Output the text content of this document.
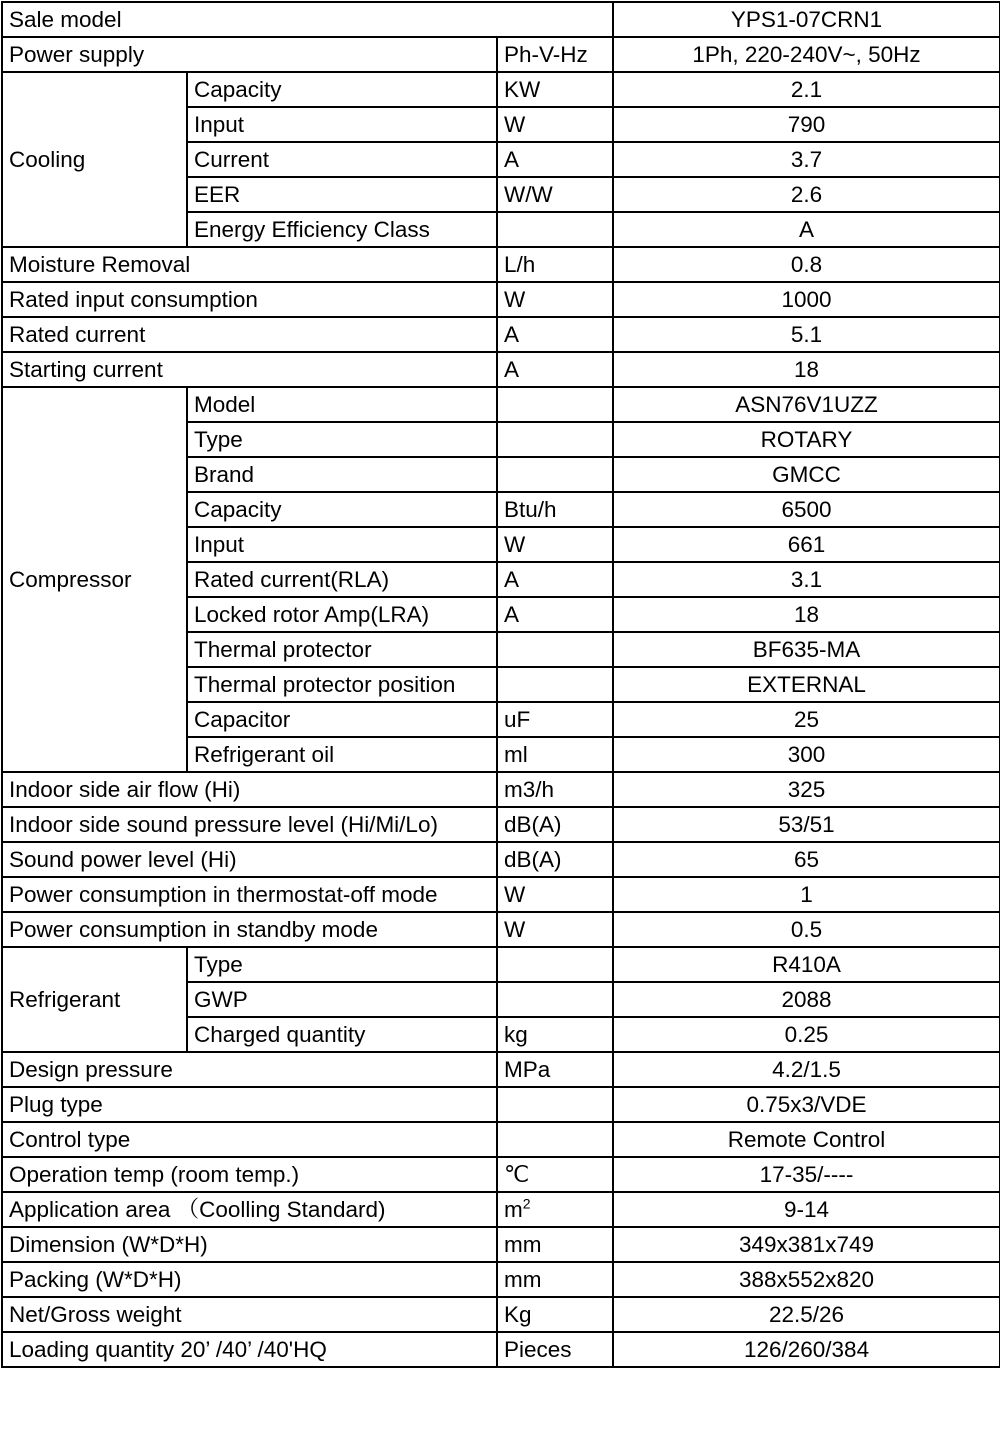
Sale model			YPS1-07CRN1
Power supply		Ph-V-Hz	1Ph, 220-240V~, 50Hz
Cooling	Capacity	KW	2.1
	Input	W	790
	Current	A	3.7
	EER	W/W	2.6
	Energy Efficiency Class		A
Moisture Removal		L/h	0.8
Rated input consumption		W	1000
Rated current		A	5.1
Starting current		A	18
Compressor	Model		ASN76V1UZZ
	Type		ROTARY
	Brand		GMCC
	Capacity	Btu/h	6500
	Input	W	661
	Rated current(RLA)	A	3.1
	Locked rotor Amp(LRA)	A	18
	Thermal protector		BF635-MA
	Thermal protector position		EXTERNAL
	Capacitor	uF	25
	Refrigerant oil	ml	300
Indoor side air flow (Hi)		m3/h	325
Indoor side sound pressure level (Hi/Mi/Lo)		dB(A)	53/51
Sound power level (Hi)		dB(A)	65
Power consumption in thermostat-off mode		W	1
Power consumption in standby mode		W	0.5
Refrigerant	Type		R410A
	GWP		2088
	Charged quantity	kg	0.25
Design pressure		MPa	4.2/1.5
Plug type			0.75x3/VDE
Control type			Remote Control
Operation temp (room temp.)		℃	17-35/----
Application area （Coolling Standard)		$m^2$	9-14
Dimension (W*D*H)		mm	349x381x749
Packing (W*D*H)		mm	388x552x820
Net/Gross weight		Kg	22.5/26
Loading quantity 20’ /40’ /40'HQ		Pieces	126/260/384
